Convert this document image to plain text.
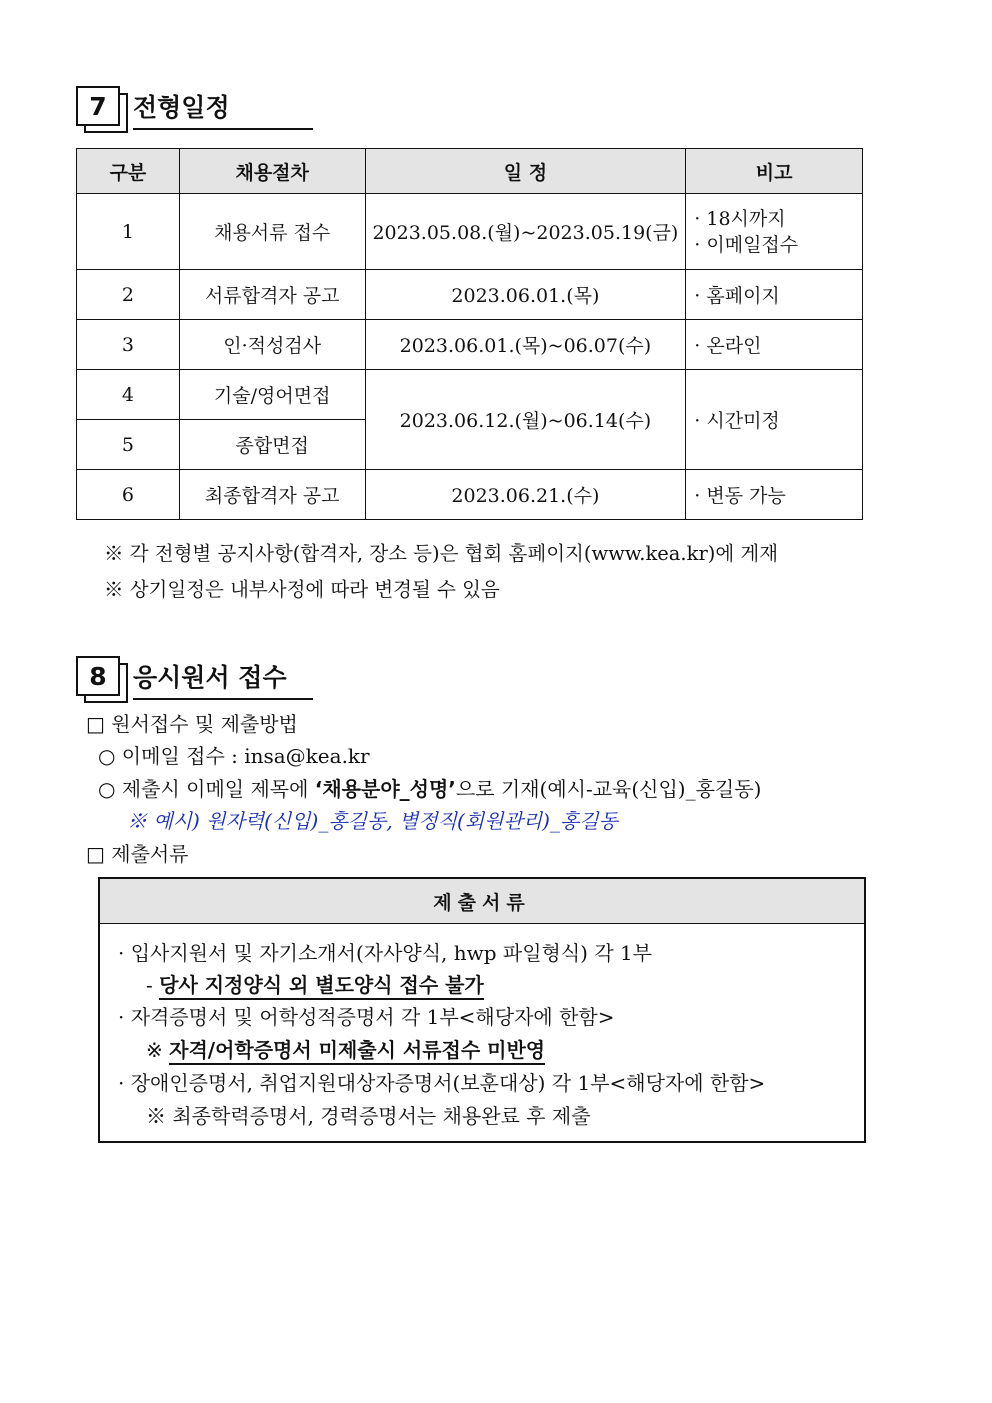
7	전형일정
구분	채용절차	일 정	비고
1	채용서류 접수	2023.05.08.(월)~2023.05.19(금)	· 18시까지
· 이메일접수

2	서류합격자 공고	2023.06.01.(목)	· 홈페이지
3	인·적성검사	2023.06.01.(목)~06.07(수)	· 온라인
4	기술/영어면접	2023.06.12.(월)~06.14(수)	· 시간미정
5	종합면접		
6	최종합격자 공고	2023.06.21.(수)	· 변동 가능
※ 각 전형별 공지사항(합격자, 장소 등)은 협회 홈페이지(www.kea.kr)에 게재
※ 상기일정은 내부사정에 따라 변경될 수 있음
8	응시원서 접수
□ 원서접수 및 제출방법
○ 이메일 접수 : insa@kea.kr
○ 제출시 이메일 제목에 ‘채용분야_성명’으로 기재(예시-교육(신입)_홍길동)
※ 예시) 원자력(신입)_홍길동, 별정직(회원관리)_홍길동
□ 제출서류
제출서류
· 입사지원서 및 자기소개서(자사양식, hwp 파일형식) 각 1부
- 당사 지정양식 외 별도양식 접수 불가
· 자격증명서 및 어학성적증명서 각 1부<해당자에 한함>
※ 자격/어학증명서 미제출시 서류접수 미반영
· 장애인증명서, 취업지원대상자증명서(보훈대상) 각 1부<해당자에 한함>
※ 최종학력증명서, 경력증명서는 채용완료 후 제출
